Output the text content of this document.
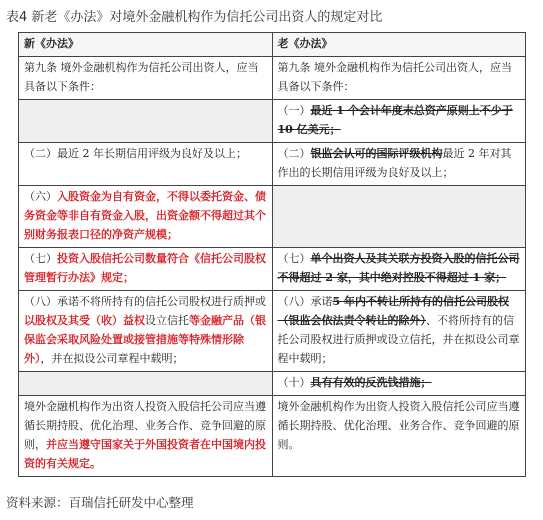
表4 新老《办法》对境外金融机构作为信托公司出资人的规定对比
新《办法》	老《办法》
第九条 境外金融机构作为信托公司出资人，应当具备以下条件：	第九条 境外金融机构作为信托公司出资人，应当具备以下条件：
	（一）最近 1 个会计年度末总资产原则上不少于 10 亿美元；
（二）最近 2 年长期信用评级为良好及以上；	（二）银监会认可的国际评级机构最近 2 年对其作出的长期信用评级为良好及以上；
（六）入股资金为自有资金，不得以委托资金、债务资金等非自有资金入股，出资金额不得超过其个别财务报表口径的净资产规模；	
（七）投资入股信托公司数量符合《信托公司股权管理暂行办法》规定；	（七）单个出资人及其关联方投资入股的信托公司不得超过 2 家，其中绝对控股不得超过 1 家；
（八）承诺不将所持有的信托公司股权进行质押或以股权及其受（收）益权设立信托等金融产品（银保监会采取风险处置或接管措施等特殊情形除外），并在拟设公司章程中载明；	（八）承诺5 年内不转让所持有的信托公司股权（银监会依法责令转让的除外）、不将所持有的信托公司股权进行质押或设立信托，并在拟设公司章程中载明；
	（十）具有有效的反洗钱措施；
境外金融机构作为出资人投资入股信托公司应当遵循长期持股、优化治理、业务合作、竞争回避的原则，并应当遵守国家关于外国投资者在中国境内投资的有关规定。	境外金融机构作为出资人投资入股信托公司应当遵循长期持股、优化治理、业务合作、竞争回避的原则。
资料来源：百瑞信托研发中心整理
